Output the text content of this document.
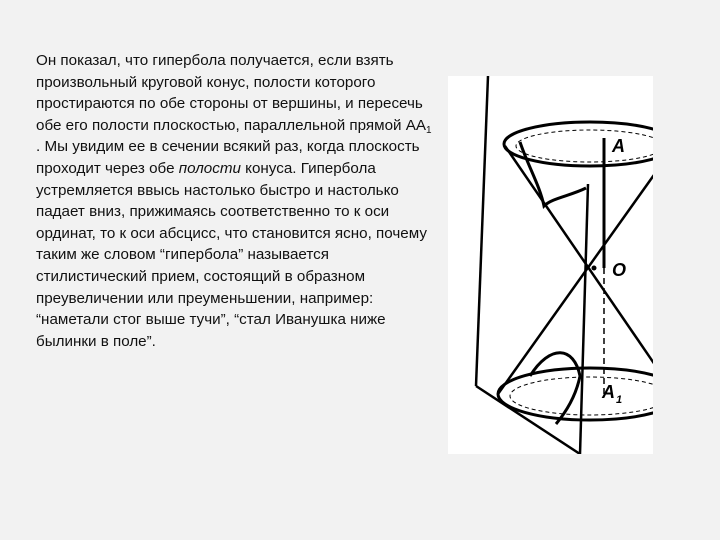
Он показал, что гипербола получается, если взять произвольный круговой конус, полости которого простираются по обе стороны от вершины, и пересечь обе его полости плоскостью, параллельной прямой $AA_1$ . Мы увидим ее в сечении всякий раз, когда плоскость проходит через обе полости конуса. Гипербола устремляется ввысь настолько быстро и настолько падает вниз, прижимаясь соответственно то к оси ординат, то к оси абсцисс, что становится ясно, почему таким же словом “гипербола” называется стилистический прием, состоящий в образном преувеличении или преуменьшении, например: “наметали стог выше тучи”, “стал Иванушка ниже былинки в поле”.
A
O
A 1
